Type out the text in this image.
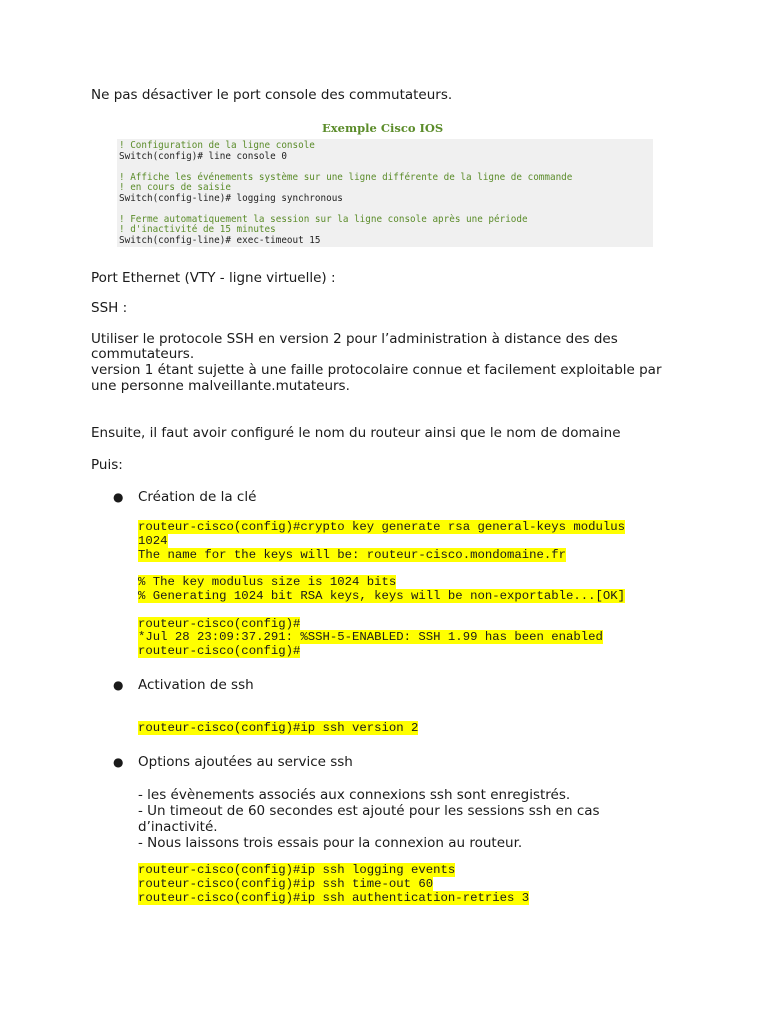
Ne pas désactiver le port console des commutateurs.
Exemple Cisco IOS
! Configuration de la ligne console
Switch(config)# line console 0
! Affiche les événements système sur une ligne différente de la ligne de commande
! en cours de saisie
Switch(config-line)# logging synchronous
! Ferme automatiquement la session sur la ligne console après une période
! d'inactivité de 15 minutes
Switch(config-line)# exec-timeout 15
Port Ethernet (VTY - ligne virtuelle) :
SSH :
Utiliser le protocole SSH en version 2 pour l’administration à distance des des
commutateurs.
version 1 étant sujette à une faille protocolaire connue et facilement exploitable par
une personne malveillante.mutateurs.
Ensuite, il faut avoir configuré le nom du routeur ainsi que le nom de domaine
Puis:
● Création de la clé
routeur-cisco(config)#crypto key generate rsa general-keys modulus
1024
The name for the keys will be: routeur-cisco.mondomaine.fr

% The key modulus size is 1024 bits
% Generating 1024 bit RSA keys, keys will be non-exportable...[OK]

routeur-cisco(config)#
*Jul 28 23:09:37.291: %SSH-5-ENABLED: SSH 1.99 has been enabled
routeur-cisco(config)#
● Activation de ssh
routeur-cisco(config)#ip ssh version 2
● Options ajoutées au service ssh
- les évènements associés aux connexions ssh sont enregistrés.
- Un timeout de 60 secondes est ajouté pour les sessions ssh en cas
d’inactivité.
- Nous laissons trois essais pour la connexion au routeur.
routeur-cisco(config)#ip ssh logging events
routeur-cisco(config)#ip ssh time-out 60
routeur-cisco(config)#ip ssh authentication-retries 3
